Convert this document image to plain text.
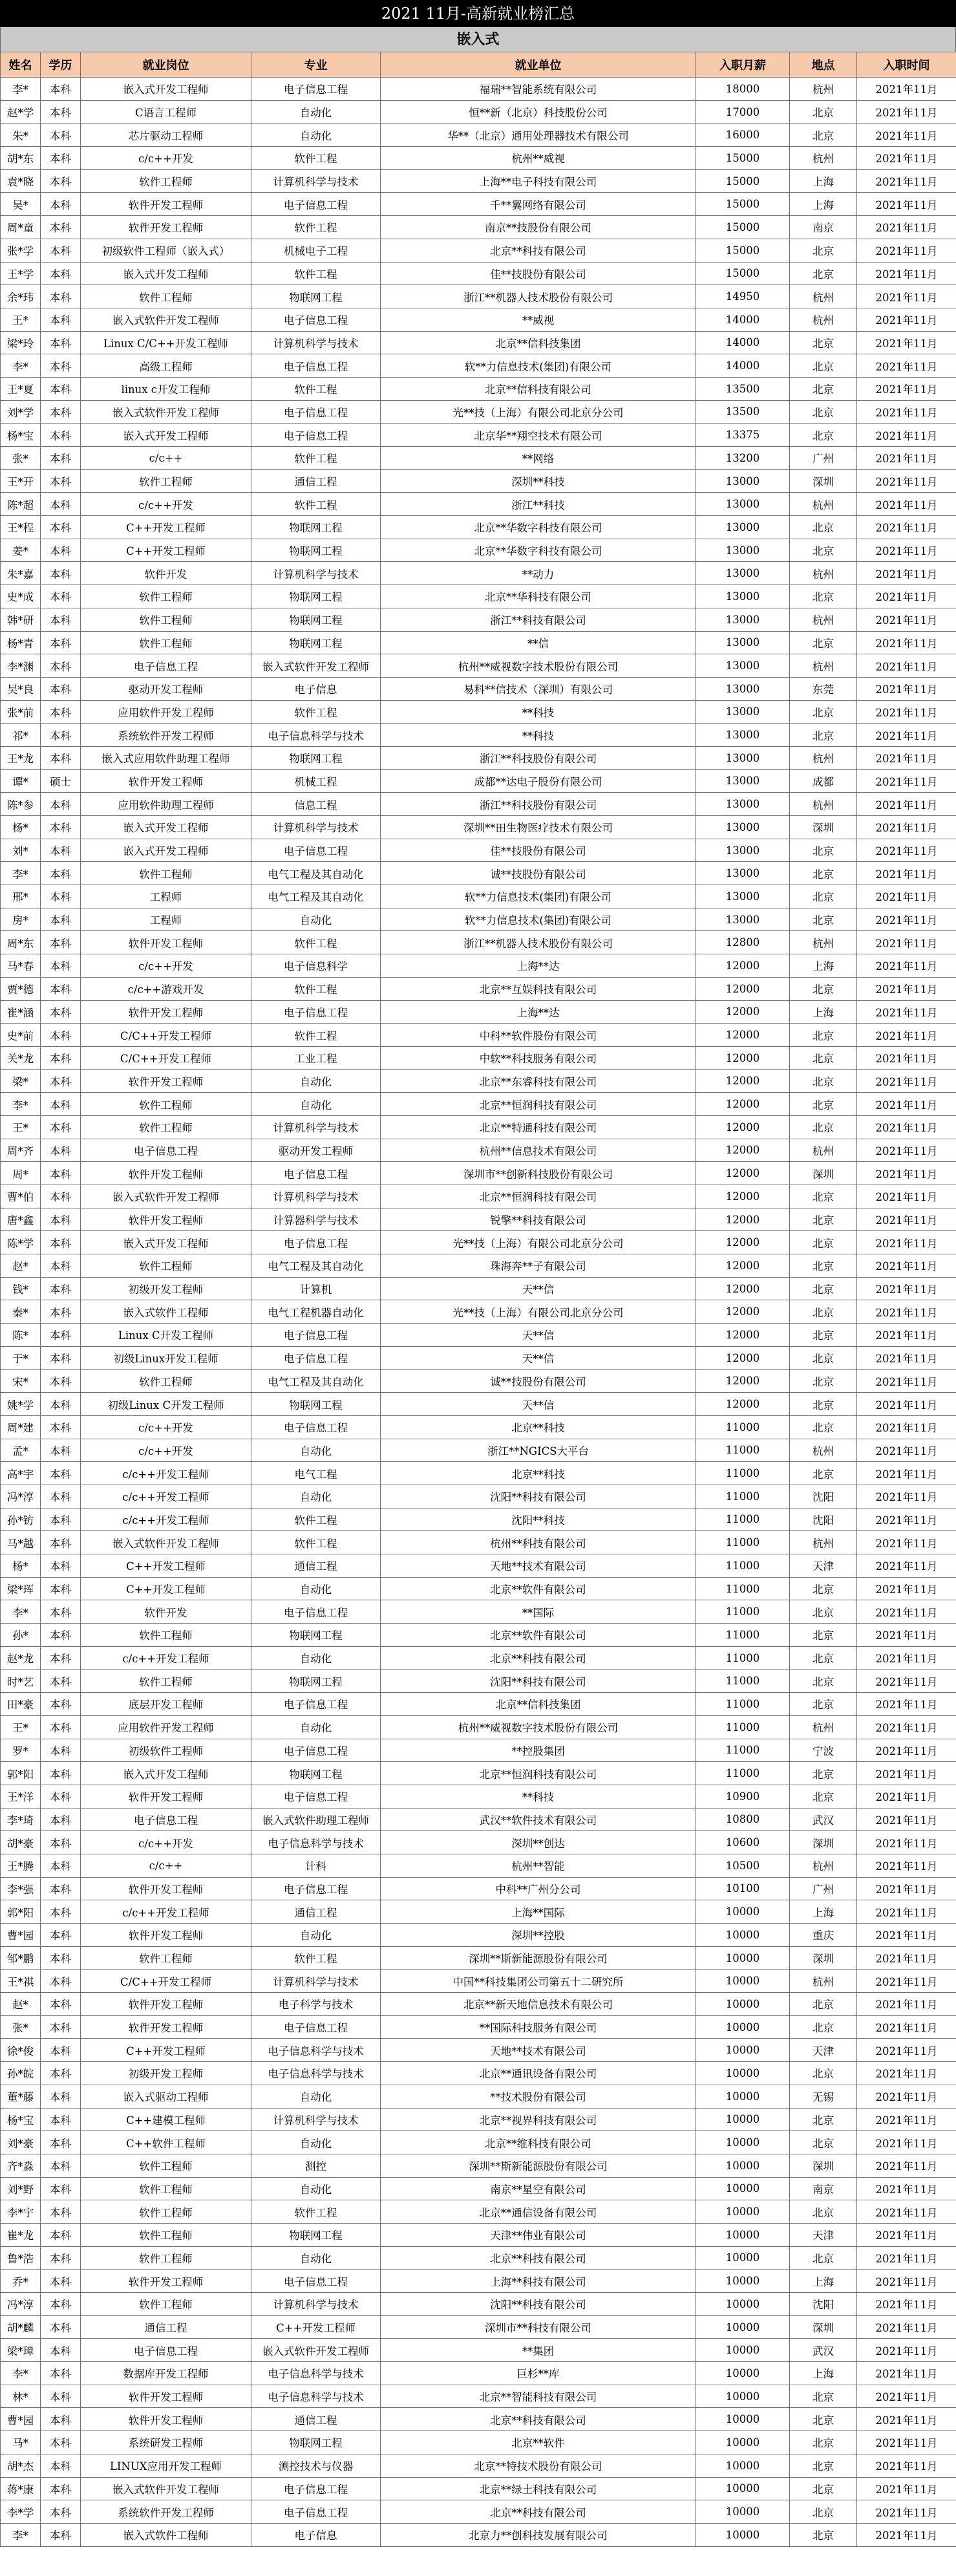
2021 11月-高新就业榜汇总
嵌入式
姓名	学历	就业岗位	专业	就业单位	入职月薪	地点	入职时间
李*	本科	嵌入式开发工程师	电子信息工程	福瑞**智能系统有限公司	18000	杭州	2021年11月
赵*学	本科	C语言工程师	自动化	恒**新（北京）科技股份公司	17000	北京	2021年11月
朱*	本科	芯片驱动工程师	自动化	华**（北京）通用处理器技术有限公司	16000	北京	2021年11月
胡*东	本科	c/c++开发	软件工程	杭州**威视	15000	杭州	2021年11月
袁*晓	本科	软件工程师	计算机科学与技术	上海**电子科技有限公司	15000	上海	2021年11月
吴*	本科	软件开发工程师	电子信息工程	千**翼网络有限公司	15000	上海	2021年11月
周*童	本科	软件开发工程师	软件工程	南京**技股份有限公司	15000	南京	2021年11月
张*学	本科	初级软件工程师（嵌入式）	机械电子工程	北京**科技有限公司	15000	北京	2021年11月
王*学	本科	嵌入式开发工程师	软件工程	佳**技股份有限公司	15000	北京	2021年11月
余*玮	本科	软件工程师	物联网工程	浙江**机器人技术股份有限公司	14950	杭州	2021年11月
王*	本科	嵌入式软件开发工程师	电子信息工程	**威视	14000	杭州	2021年11月
梁*玲	本科	Linux C/C++开发工程师	计算机科学与技术	北京**信科技集团	14000	北京	2021年11月
李*	本科	高级工程师	电子信息工程	软**力信息技术(集团)有限公司	14000	北京	2021年11月
王*夏	本科	linux c开发工程师	软件工程	北京**信科技有限公司	13500	北京	2021年11月
刘*学	本科	嵌入式软件开发工程师	电子信息工程	光**技（上海）有限公司北京分公司	13500	北京	2021年11月
杨*宝	本科	嵌入式开发工程师	电子信息工程	北京华**翔空技术有限公司	13375	北京	2021年11月
张*	本科	c/c++	软件工程	**网络	13200	广州	2021年11月
王*开	本科	软件工程师	通信工程	深圳**科技	13000	深圳	2021年11月
陈*超	本科	c/c++开发	软件工程	浙江**科技	13000	杭州	2021年11月
王*程	本科	C++开发工程师	物联网工程	北京**华数字科技有限公司	13000	北京	2021年11月
姜*	本科	C++开发工程师	物联网工程	北京**华数字科技有限公司	13000	北京	2021年11月
朱*嘉	本科	软件开发	计算机科学与技术	**动力	13000	杭州	2021年11月
史*成	本科	软件工程师	物联网工程	北京**华科技有限公司	13000	北京	2021年11月
韩*研	本科	软件工程师	物联网工程	浙江**科技有限公司	13000	杭州	2021年11月
杨*青	本科	软件工程师	物联网工程	**信	13000	北京	2021年11月
李*渊	本科	电子信息工程	嵌入式软件开发工程师	杭州**威视数字技术股份有限公司	13000	杭州	2021年11月
吴*良	本科	驱动开发工程师	电子信息	易科**信技术（深圳）有限公司	13000	东莞	2021年11月
张*前	本科	应用软件开发工程师	软件工程	**科技	13000	北京	2021年11月
祁*	本科	系统软件开发工程师	电子信息科学与技术	**科技	13000	北京	2021年11月
王*龙	本科	嵌入式应用软件助理工程师	物联网工程	浙江**科技股份有限公司	13000	杭州	2021年11月
谭*	硕士	软件开发工程师	机械工程	成都**达电子股份有限公司	13000	成都	2021年11月
陈*参	本科	应用软件助理工程师	信息工程	浙江**科技股份有限公司	13000	杭州	2021年11月
杨*	本科	嵌入式开发工程师	计算机科学与技术	深圳**田生物医疗技术有限公司	13000	深圳	2021年11月
刘*	本科	嵌入式开发工程师	电子信息工程	佳**技股份有限公司	13000	北京	2021年11月
李*	本科	软件工程师	电气工程及其自动化	诚**技股份有限公司	13000	北京	2021年11月
邢*	本科	工程师	电气工程及其自动化	软**力信息技术(集团)有限公司	13000	北京	2021年11月
房*	本科	工程师	自动化	软**力信息技术(集团)有限公司	13000	北京	2021年11月
周*东	本科	软件开发工程师	软件工程	浙江**机器人技术股份有限公司	12800	杭州	2021年11月
马*春	本科	c/c++开发	电子信息科学	上海**达	12000	上海	2021年11月
贾*德	本科	c/c++游戏开发	软件工程	北京**互娱科技有限公司	12000	北京	2021年11月
崔*涵	本科	软件开发工程师	电子信息工程	上海**达	12000	上海	2021年11月
史*前	本科	C/C++开发工程师	软件工程	中科**软件股份有限公司	12000	北京	2021年11月
关*龙	本科	C/C++开发工程师	工业工程	中软**科技服务有限公司	12000	北京	2021年11月
梁*	本科	软件开发工程师	自动化	北京**东睿科技有限公司	12000	北京	2021年11月
李*	本科	软件工程师	自动化	北京**恒润科技有限公司	12000	北京	2021年11月
王*	本科	软件工程师	计算机科学与技术	北京**特通科技有限公司	12000	北京	2021年11月
周*齐	本科	电子信息工程	驱动开发工程师	杭州**信息技术有限公司	12000	杭州	2021年11月
周*	本科	软件开发工程师	电子信息工程	深圳市**创新科技股份有限公司	12000	深圳	2021年11月
曹*伯	本科	嵌入式软件开发工程师	计算机科学与技术	北京**恒润科技有限公司	12000	北京	2021年11月
唐*鑫	本科	软件开发工程师	计算器科学与技术	锐擎**科技有限公司	12000	北京	2021年11月
陈*学	本科	嵌入式开发工程师	电子信息工程	光**技（上海）有限公司北京分公司	12000	北京	2021年11月
赵*	本科	软件工程师	电气工程及其自动化	珠海奔**子有限公司	12000	北京	2021年11月
钱*	本科	初级开发工程师	计算机	天**信	12000	北京	2021年11月
秦*	本科	嵌入式软件工程师	电气工程机器自动化	光**技（上海）有限公司北京分公司	12000	北京	2021年11月
陈*	本科	Linux C开发工程师	电子信息工程	天**信	12000	北京	2021年11月
于*	本科	初级Linux开发工程师	电子信息工程	天**信	12000	北京	2021年11月
宋*	本科	软件工程师	电气工程及其自动化	诚**技股份有限公司	12000	北京	2021年11月
姚*学	本科	初级Linux C开发工程师	物联网工程	天**信	12000	北京	2021年11月
周*建	本科	c/c++开发	电子信息工程	北京**科技	11000	北京	2021年11月
孟*	本科	c/c++开发	自动化	浙江**NGICS大平台	11000	杭州	2021年11月
高*宇	本科	c/c++开发工程师	电气工程	北京**科技	11000	北京	2021年11月
冯*淳	本科	c/c++开发工程师	自动化	沈阳**科技有限公司	11000	沈阳	2021年11月
孙*钫	本科	c/c++开发工程师	软件工程	沈阳**科技	11000	沈阳	2021年11月
马*越	本科	嵌入式软件开发工程师	软件工程	杭州**科技有限公司	11000	杭州	2021年11月
杨*	本科	C++开发工程师	通信工程	天地**技术有限公司	11000	天津	2021年11月
梁*珲	本科	C++开发工程师	自动化	北京**软件有限公司	11000	北京	2021年11月
李*	本科	软件开发	电子信息工程	**国际	11000	北京	2021年11月
孙*	本科	软件工程师	物联网工程	北京**软件有限公司	11000	北京	2021年11月
赵*龙	本科	c/c++开发工程师	自动化	北京**科技有限公司	11000	北京	2021年11月
时*艺	本科	软件工程师	物联网工程	沈阳**科技有限公司	11000	北京	2021年11月
田*豪	本科	底层开发工程师	电子信息工程	北京**信科技集团	11000	北京	2021年11月
王*	本科	应用软件开发工程师	自动化	杭州**威视数字技术股份有限公司	11000	杭州	2021年11月
罗*	本科	初级软件工程师	电子信息工程	**控股集团	11000	宁波	2021年11月
郭*阳	本科	嵌入式开发工程师	物联网工程	北京**恒润科技有限公司	11000	北京	2021年11月
王*洋	本科	软件开发工程师	电子信息工程	**科技	10900	北京	2021年11月
李*琦	本科	电子信息工程	嵌入式软件助理工程师	武汉**软件技术有限公司	10800	武汉	2021年11月
胡*豪	本科	c/c++开发	电子信息科学与技术	深圳**创达	10600	深圳	2021年11月
王*腾	本科	c/c++	计科	杭州**智能	10500	杭州	2021年11月
李*强	本科	软件开发工程师	电子信息工程	中科**广州分公司	10100	广州	2021年11月
郭*阳	本科	c/c++开发工程师	通信工程	上海**国际	10000	上海	2021年11月
曹*园	本科	软件开发工程师	自动化	深圳**控股	10000	重庆	2021年11月
邹*鹏	本科	软件工程师	软件工程	深圳**斯新能源股份有限公司	10000	深圳	2021年11月
王*祺	本科	C/C++开发工程师	计算机科学与技术	中国**科技集团公司第五十二研究所	10000	杭州	2021年11月
赵*	本科	软件开发工程师	电子科学与技术	北京**新天地信息技术有限公司	10000	北京	2021年11月
张*	本科	软件开发工程师	电子信息工程	**国际科技服务有限公司	10000	北京	2021年11月
徐*俊	本科	C++开发工程师	电子信息科学与技术	天地**技术有限公司	10000	天津	2021年11月
孙*皖	本科	初级开发工程师	电子信息科学与技术	北京**通讯设备有限公司	10000	北京	2021年11月
董*藤	本科	嵌入式驱动工程师	自动化	**技术股份有限公司	10000	无锡	2021年11月
杨*宝	本科	C++建模工程师	计算机科学与技术	北京**视界科技有限公司	10000	北京	2021年11月
刘*豪	本科	C++软件工程师	自动化	北京**维科技有限公司	10000	北京	2021年11月
齐*淼	本科	软件工程师	测控	深圳**斯新能源股份有限公司	10000	深圳	2021年11月
刘*野	本科	软件工程师	自动化	南京**星空有限公司	10000	南京	2021年11月
李*宇	本科	软件工程师	软件工程	北京**通信设备有限公司	10000	北京	2021年11月
崔*龙	本科	软件工程师	物联网工程	天津**伟业有限公司	10000	天津	2021年11月
鲁*浩	本科	软件工程师	自动化	北京**科技有限公司	10000	北京	2021年11月
乔*	本科	软件开发工程师	电子信息工程	上海**科技有限公司	10000	上海	2021年11月
冯*淳	本科	软件工程师	计算机科学与技术	沈阳**科技有限公司	10000	沈阳	2021年11月
胡*麟	本科	通信工程	C++开发工程师	深圳市**科技有限公司	10000	深圳	2021年11月
梁*璋	本科	电子信息工程	嵌入式软件开发工程师	**集团	10000	武汉	2021年11月
李*	本科	数据库开发工程师	电子信息科学与技术	巨杉**库	10000	上海	2021年11月
林*	本科	软件开发工程师	电子信息科学与技术	北京**智能科技有限公司	10000	北京	2021年11月
曹*园	本科	软件开发工程师	通信工程	北京**科技有限公司	10000	北京	2021年11月
马*	本科	系统研发工程师	物联网工程	北京**软件	10000	北京	2021年11月
胡*杰	本科	LINUX应用开发工程师	测控技术与仪器	北京**特技术股份有限公司	10000	北京	2021年11月
蒋*康	本科	嵌入式软件开发工程师	电子信息工程	北京**绿土科技有限公司	10000	北京	2021年11月
李*学	本科	系统软件开发工程师	电子信息工程	北京**科技有限公司	10000	北京	2021年11月
李*	本科	嵌入式软件工程师	电子信息	北京力**创科技发展有限公司	10000	北京	2021年11月
